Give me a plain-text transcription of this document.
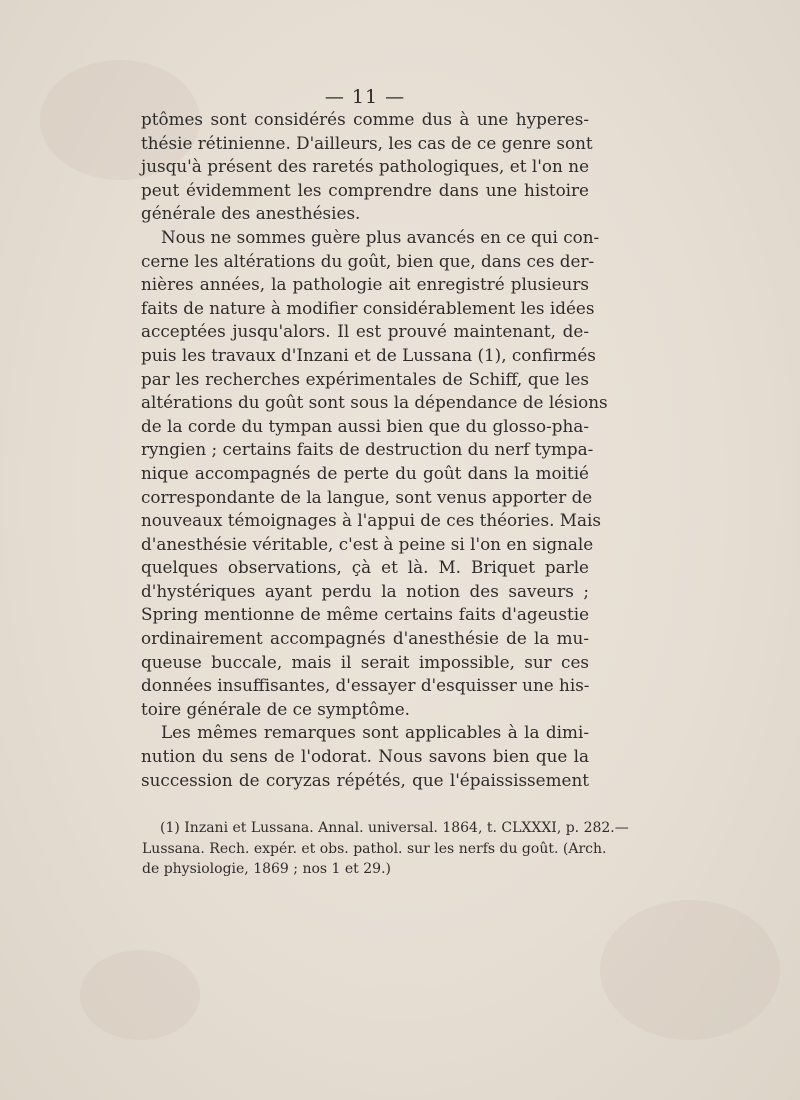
— 11 —
ptômes sont considérés comme dus à une hyperes-
thésie rétinienne. D'ailleurs, les cas de ce genre sont
jusqu'à présent des raretés pathologiques, et l'on ne
peut évidemment les comprendre dans une histoire
générale des anesthésies.
Nous ne sommes guère plus avancés en ce qui con-
cerne les altérations du goût, bien que, dans ces der-
nières années, la pathologie ait enregistré plusieurs
faits de nature à modifier considérablement les idées
acceptées jusqu'alors. Il est prouvé maintenant, de-
puis les travaux d'Inzani et de Lussana (1), confirmés
par les recherches expérimentales de Schiff, que les
altérations du goût sont sous la dépendance de lésions
de la corde du tympan aussi bien que du glosso-pha-
ryngien ; certains faits de destruction du nerf tympa-
nique accompagnés de perte du goût dans la moitié
correspondante de la langue, sont venus apporter de
nouveaux témoignages à l'appui de ces théories. Mais
d'anesthésie véritable, c'est à peine si l'on en signale
quelques observations, çà et là. M. Briquet parle
d'hystériques ayant perdu la notion des saveurs ;
Spring mentionne de même certains faits d'ageustie
ordinairement accompagnés d'anesthésie de la mu-
queuse buccale, mais il serait impossible, sur ces
données insuffisantes, d'essayer d'esquisser une his-
toire générale de ce symptôme.
Les mêmes remarques sont applicables à la dimi-
nution du sens de l'odorat. Nous savons bien que la
succession de coryzas répétés, que l'épaississement
(1) Inzani et Lussana. Annal. universal. 1864, t. CLXXXI, p. 282.—
Lussana. Rech. expér. et obs. pathol. sur les nerfs du goût. (Arch.
de physiologie, 1869 ; nos 1 et 29.)
